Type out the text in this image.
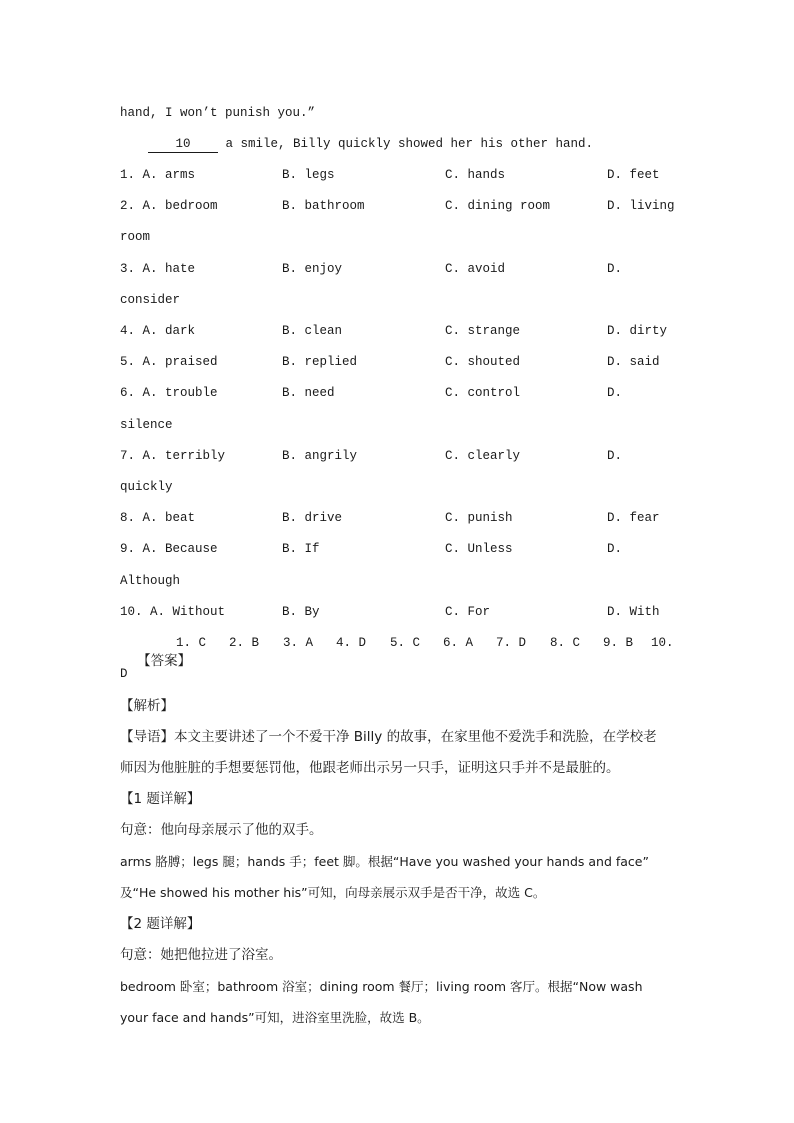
hand, I won’t punish you.”
10 a smile, Billy quickly showed her his other hand.
1. A. arms	B. legs	C. hands	D. feet
2. A. bedroom	B. bathroom	C. dining room	D. living
room
3. A. hate	B. enjoy	C. avoid	D.
consider
4. A. dark	B. clean	C. strange	D. dirty
5. A. praised	B. replied	C. shouted	D. said
6. A. trouble	B. need	C. control	D.
silence
7. A. terribly	B. angrily	C. clearly	D.
quickly
8. A. beat	B. drive	C. punish	D. fear
9. A. Because	B. If	C. Unless	D.
Although
10. A. Without	B. By	C. For	D. With

【答案】

1. C 2. B 3. A 4. D 5. C 6. A 7. D 8. C 9. B 10.

D
【解析】
【导语】本文主要讲述了一个不爱干净 Billy 的故事，在家里他不爱洗手和洗脸，在学校老
师因为他脏脏的手想要惩罚他，他跟老师出示另一只手，证明这只手并不是最脏的。
【1 题详解】
句意：他向母亲展示了他的双手。
arms 胳膊；legs 腿；hands 手；feet 脚。根据“Have you washed your hands and face”
及“He showed his mother his”可知，向母亲展示双手是否干净，故选 C。
【2 题详解】
句意：她把他拉进了浴室。
bedroom 卧室；bathroom 浴室；dining room 餐厅；living room 客厅。根据“Now wash
your face and hands”可知，进浴室里洗脸，故选 B。
